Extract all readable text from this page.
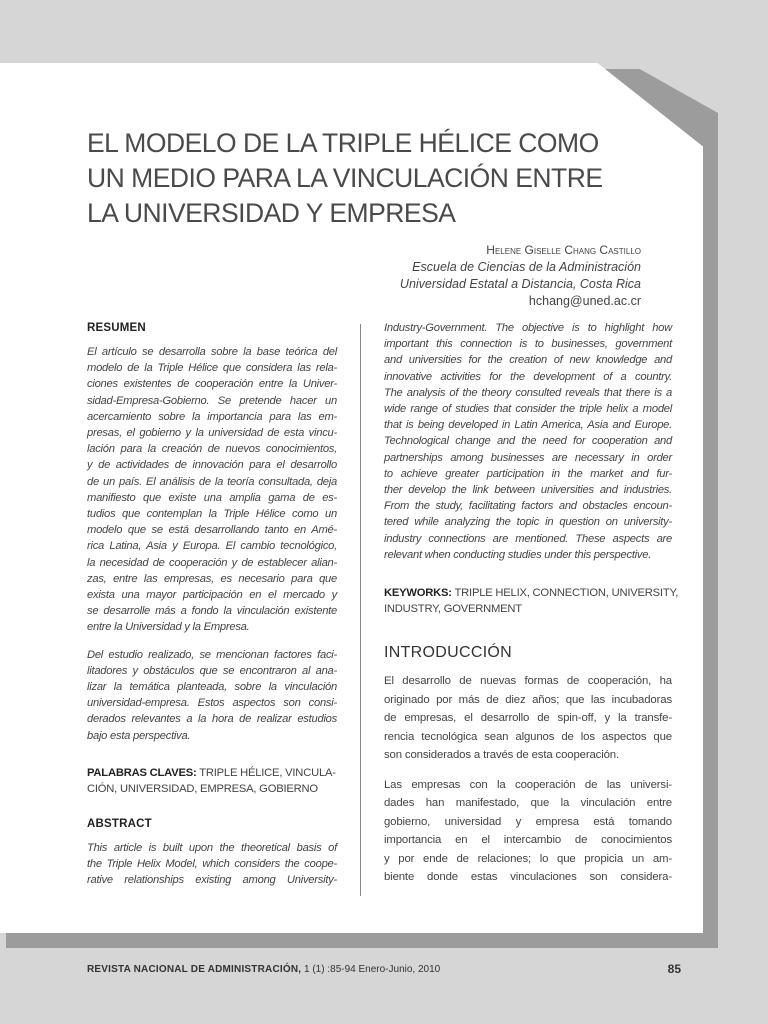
EL MODELO DE LA TRIPLE HÉLICE COMO
UN MEDIO PARA LA VINCULACIÓN ENTRE
LA UNIVERSIDAD Y EMPRESA
Helene Giselle Chang Castillo
Escuela de Ciencias de la Administración
Universidad Estatal a Distancia, Costa Rica
hchang@uned.ac.cr
RESUMEN

El artículo se desarrolla sobre la base teórica del
modelo de la Triple Hélice que considera las rela-
ciones existentes de cooperación entre la Univer-
sidad-Empresa-Gobierno. Se pretende hacer un
acercamiento sobre la importancia para las em-
presas, el gobierno y la universidad de esta vincu-
lación para la creación de nuevos conocimientos,
y de actividades de innovación para el desarrollo
de un país. El análisis de la teoría consultada, deja
manifiesto que existe una amplia gama de es-
tudios que contemplan la Triple Hélice como un
modelo que se está desarrollando tanto en Amé-
rica Latina, Asia y Europa. El cambio tecnológico,
la necesidad de cooperación y de establecer alian-
zas, entre las empresas, es necesario para que
exista una mayor participación en el mercado y
se desarrolle más a fondo la vinculación existente
entre la Universidad y la Empresa.

Del estudio realizado, se mencionan factores faci-
litadores y obstáculos que se encontraron al ana-
lizar la temática planteada, sobre la vinculación
universidad-empresa. Estos aspectos son consi-
derados relevantes a la hora de realizar estudios
bajo esta perspectiva.

PALABRAS CLAVES: TRIPLE HÉLICE, VINCULA-
CIÓN, UNIVERSIDAD, EMPRESA, GOBIERNO
ABSTRACT

This article is built upon the theoretical basis of
the Triple Helix Model, which considers the coope-
rative relationships existing among University-

Industry-Government. The objective is to highlight how
important this connection is to businesses, government
and universities for the creation of new knowledge and
innovative activities for the development of a country.
The analysis of the theory consulted reveals that there is a
wide range of studies that consider the triple helix a model
that is being developed in Latin America, Asia and Europe.
Technological change and the need for cooperation and
partnerships among businesses are necessary in order
to achieve greater participation in the market and fur-
ther develop the link between universities and industries.
From the study, facilitating factors and obstacles encoun-
tered while analyzing the topic in question on university-
industry connections are mentioned. These aspects are
relevant when conducting studies under this perspective.

KEYWORKS: TRIPLE HELIX, CONNECTION, UNIVERSITY,
INDUSTRY, GOVERNMENT
INTRODUCCIÓN

El desarrollo de nuevas formas de cooperación, ha
originado por más de diez años; que las incubadoras
de empresas, el desarrollo de spin-off, y la transfe-
rencia tecnológica sean algunos de los aspectos que
son considerados a través de esta cooperación.

Las empresas con la cooperación de las universi-
dades han manifestado, que la vinculación entre
gobierno, universidad y empresa está tomando
importancia en el intercambio de conocimientos
y por ende de relaciones; lo que propicia un am-
biente donde estas vinculaciones son considera-

REVISTA NACIONAL DE ADMINISTRACIÓN, 1 (1) :85-94 Enero-Junio, 2010	85
